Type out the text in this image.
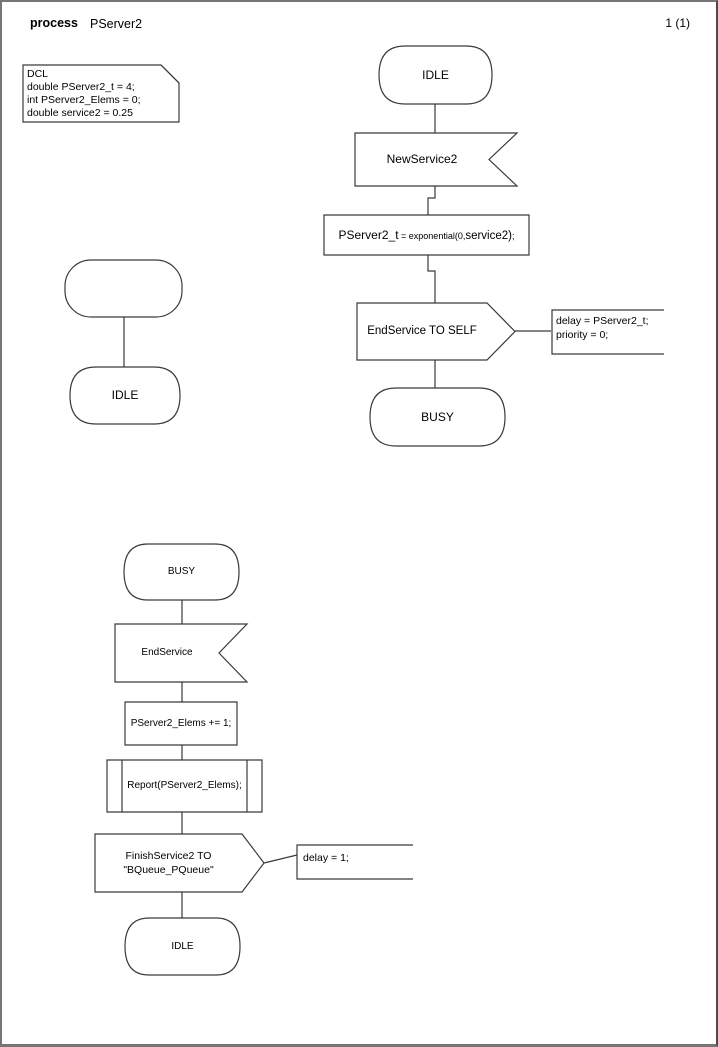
process PServer2	1 (1)
DCL
double PServer2_t = 4;
int PServer2_Elems = 0;
double service2 = 0.25
IDLE
NewService2
PServer2_t = exponential(0,service2);
EndService TO SELF
delay = PServer2_t;
priority = 0;
BUSY
IDLE
BUSY
EndService
PServer2_Elems += 1;
Report(PServer2_Elems);
FinishService2 TO
"BQueue_PQueue"
delay = 1;
IDLE
